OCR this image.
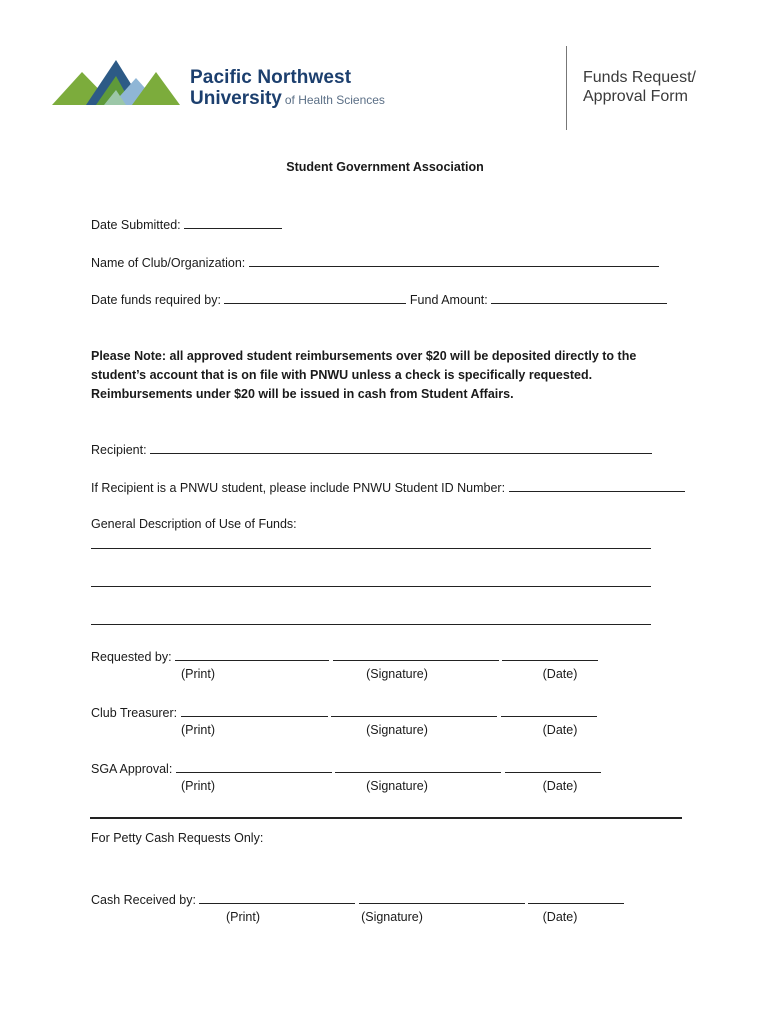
Pacific Northwest
University of Health Sciences
Funds Request/
Approval Form
Student Government Association
Date Submitted:
Name of Club/Organization:
Date funds required by:	Fund Amount:
Please Note: all approved student reimbursements over $20 will be deposited directly to the student’s account that is on file with PNWU unless a check is specifically requested. Reimbursements under $20 will be issued in cash from Student Affairs.
Recipient:
If Recipient is a PNWU student, please include PNWU Student ID Number:
General Description of Use of Funds:
Requested by:
(Print)	(Signature)	(Date)
Club Treasurer:
(Print)	(Signature)	(Date)
SGA Approval:
(Print)	(Signature)	(Date)
For Petty Cash Requests Only:
Cash Received by:
(Print)	(Signature)	(Date)
